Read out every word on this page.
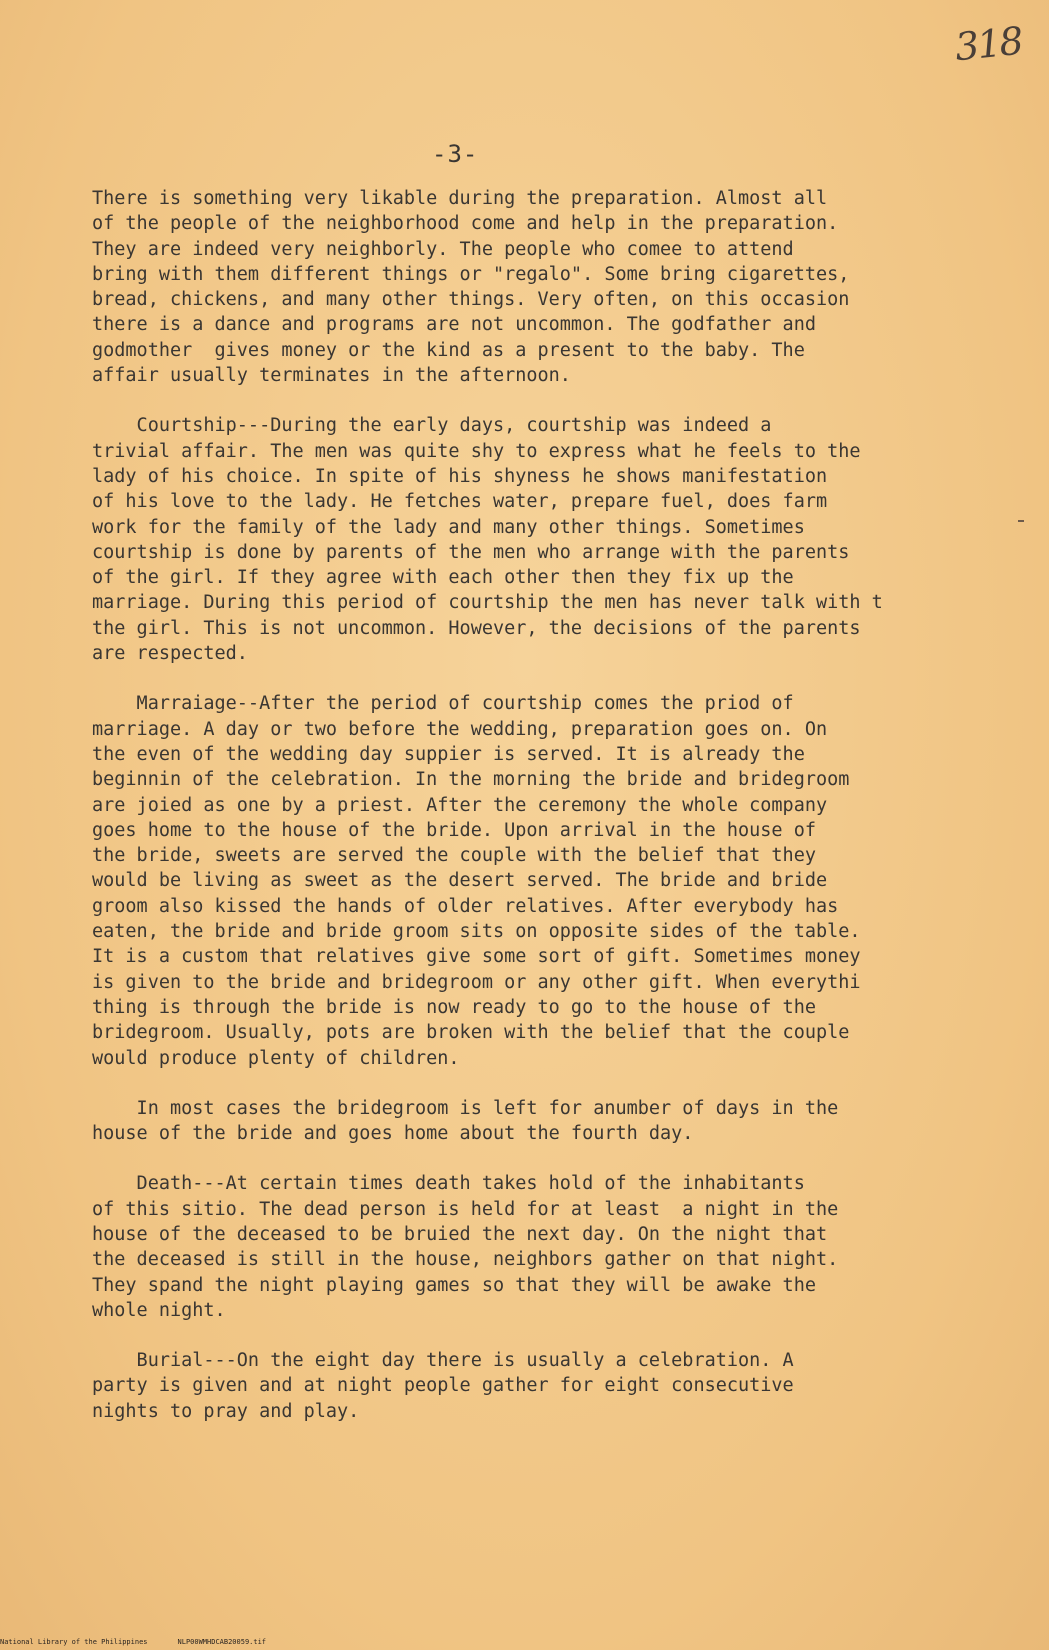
318
-3-
There is something very likable during the preparation. Almost all
of the people of the neighborhood come and help in the preparation.
They are indeed very neighborly. The people who comee to attend
bring with them different things or "regalo". Some bring cigarettes,
bread, chickens, and many other things. Very often, on this occasion
there is a dance and programs are not uncommon. The godfather and
godmother  gives money or the kind as a present to the baby. The
affair usually terminates in the afternoon.
Courtship---During the early days, courtship was indeed a
trivial affair. The men was quite shy to express what he feels to the
lady of his choice. In spite of his shyness he shows manifestation
of his love to the lady. He fetches water, prepare fuel, does farm
work for the family of the lady and many other things. Sometimes
courtship is done by parents of the men who arrange with the parents
of the girl. If they agree with each other then they fix up the
marriage. During this period of courtship the men has never talk with t
the girl. This is not uncommon. However, the decisions of the parents
are respected.
Marraiage--After the period of courtship comes the priod of
marriage. A day or two before the wedding, preparation goes on. On
the even of the wedding day suppier is served. It is already the
beginnin of the celebration. In the morning the bride and bridegroom
are joied as one by a priest. After the ceremony the whole company
goes home to the house of the bride. Upon arrival in the house of
the bride, sweets are served the couple with the belief that they
would be living as sweet as the desert served. The bride and bride
groom also kissed the hands of older relatives. After everybody has
eaten, the bride and bride groom sits on opposite sides of the table.
It is a custom that relatives give some sort of gift. Sometimes money
is given to the bride and bridegroom or any other gift. When everythi
thing is through the bride is now ready to go to the house of the
bridegroom. Usually, pots are broken with the belief that the couple
would produce plenty of children.
In most cases the bridegroom is left for anumber of days in the
house of the bride and goes home about the fourth day.
Death---At certain times death takes hold of the inhabitants
of this sitio. The dead person is held for at least  a night in the
house of the deceased to be bruied the next day. On the night that
the deceased is still in the house, neighbors gather on that night.
They spand the night playing games so that they will be awake the
whole night.
Burial---On the eight day there is usually a celebration. A
party is given and at night people gather for eight consecutive
nights to pray and play.
National Library of the Philippines	NLP00WMHDCAB20059.tif
